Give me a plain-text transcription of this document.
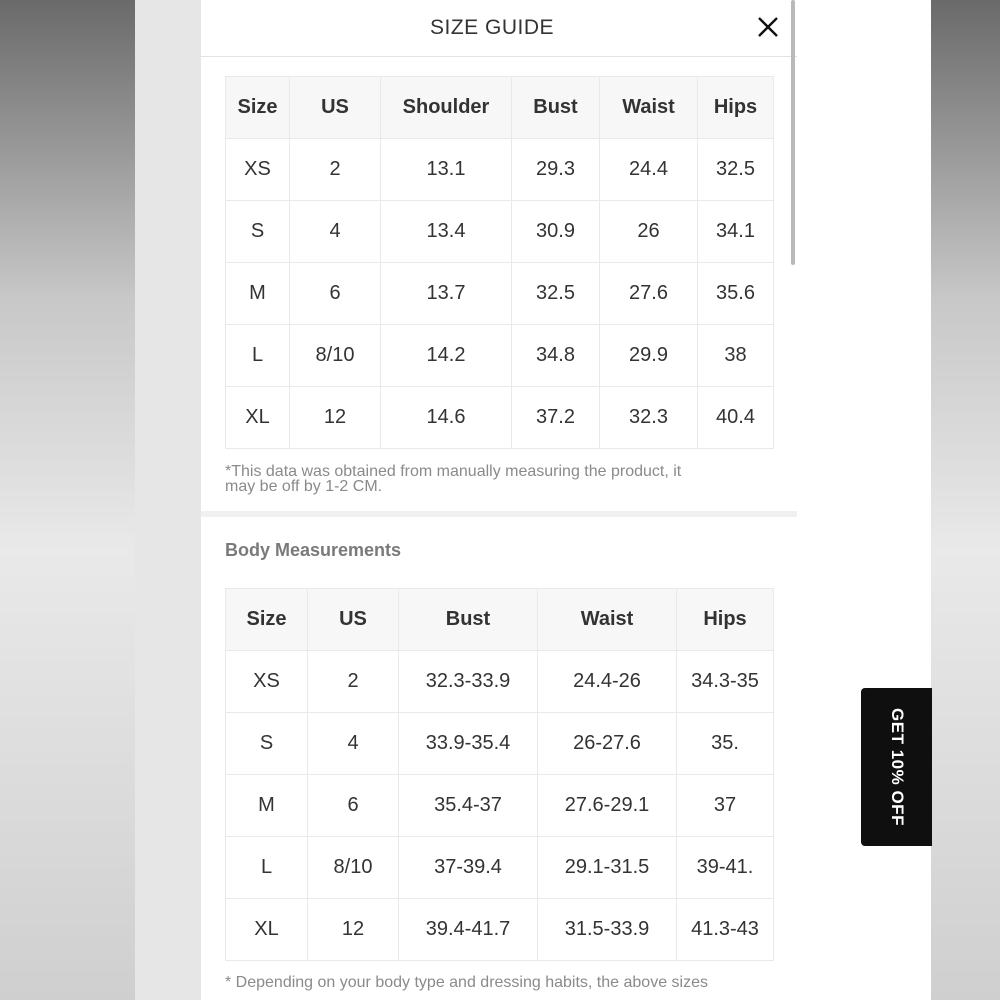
SIZE GUIDE
Size	US	Shoulder	Bust	Waist	Hips
XS	2	13.1	29.3	24.4	32.5
S	4	13.4	30.9	26	34.1
M	6	13.7	32.5	27.6	35.6
L	8/10	14.2	34.8	29.9	38
XL	12	14.6	37.2	32.3	40.4
*This data was obtained from manually measuring the product, it
may be off by 1-2 CM.
Body Measurements
Size	US	Bust	Waist	Hips
XS	2	32.3-33.9	24.4-26	34.3-35
S	4	33.9-35.4	26-27.6	35.
M	6	35.4-37	27.6-29.1	37
L	8/10	37-39.4	29.1-31.5	39-41.
XL	12	39.4-41.7	31.5-33.9	41.3-43
* Depending on your body type and dressing habits, the above sizes
GET 10% OFF
